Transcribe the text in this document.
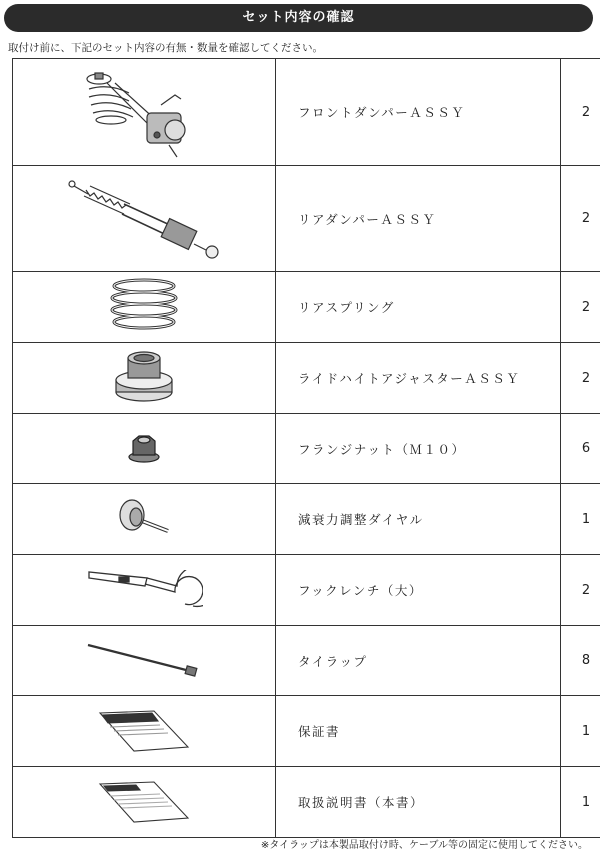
セット内容の確認
取付け前に、下記のセット内容の有無・数量を確認してください。
	フロントダンパーＡＳＳＹ	2

	リアダンパーＡＳＳＹ	2

	リアスプリング	2

	ライドハイトアジャスターＡＳＳＹ	2

	フランジナット（Ｍ１０）	6

	減衰力調整ダイヤル	1

	フックレンチ（大）	2

	タイラップ	8

	保証書	1

	取扱説明書（本書）	1
※タイラップは本製品取付け時、ケーブル等の固定に使用してください。
